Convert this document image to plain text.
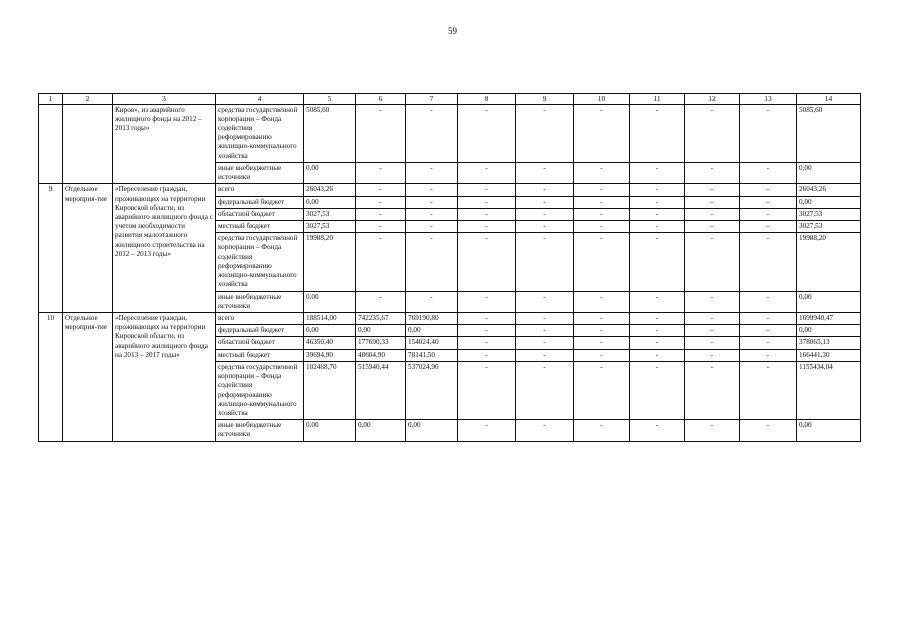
59
1	2	3	4	5	6	7	8	9	10	11	12	13	14
		Киров», из аварийного жилищного фонда на 2012 – 2013 годы»	средства государственной корпорации – Фонда содействия реформированию жилищно-коммунального хозяйства	5085,60	-	-	-	-	-	-	-	-	5085,60
			иные внебюджетные источники	0,00	-	-	-	-	-	-	-	-	0,00
9	Отдельное мероприя-тие	«Переселение граждан, проживающих на территории Кировской области, из аварийного жилищного фонда с учетом необходимости развития малоэтажного жилищного строительства на 2012 – 2013 годы»	всего	26043,26	-	-	-	-	-	-	-	-	26043,26
			федеральный бюджет	0,00	-	-	-	-	-	-	-	-	0,00
			областной бюджет	3027,53	-	-	-	-	-	-	-	-	3027,53
			местный бюджет	3027,53	-	-	-	-	-	-	-	-	3027,53
			средства государственной корпорации – Фонда содействия реформированию жилищно-коммунального хозяйства	19988,20	-	-	-	-	-	-	-	-	19988,20
			иные внебюджетные источники	0,00	-	-	-	-	-	-	-	-	0,00
10	Отдельное мероприя-тие	«Переселение граждан, проживающих на территории Кировской области, из аварийного жилищного фонда на 2013 – 2017 годы»	всего	188514,00	742235,67	769190,80	-	-	-	-	-	-	1699940,47
			федеральный бюджет	0,00	0,00	0,00	-	-	-	-	-	-	0,00
			областной бюджет	46350,40	177690,33	154024,40	-	-	-	-	-	-	378065,13
			местный бюджет	39694,90	48604,90	78141,50	-	-	-	-	-	-	166441,30
			средства государственной корпорации – Фонда содействия реформированию жилищно-коммунального хозяйства	102468,70	515940,44	537024,90	-	-	-	-	-	-	1155434,04
			иные внебюджетные источники	0,00	0,00	0,00	-	-	-	-	-	-	0,00
